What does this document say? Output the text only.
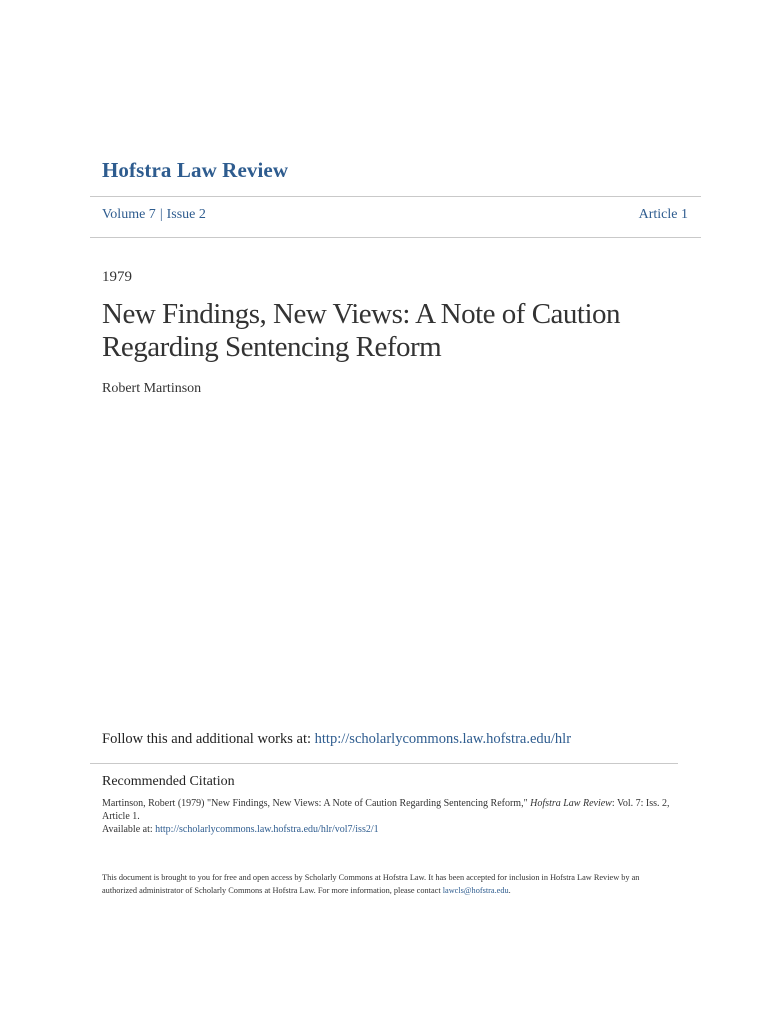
Hofstra Law Review
Volume 7 | Issue 2	Article 1
1979
New Findings, New Views: A Note of Caution Regarding Sentencing Reform
Robert Martinson
Follow this and additional works at: http://scholarlycommons.law.hofstra.edu/hlr
Recommended Citation
Martinson, Robert (1979) "New Findings, New Views: A Note of Caution Regarding Sentencing Reform," Hofstra Law Review: Vol. 7: Iss. 2, Article 1.
Available at: http://scholarlycommons.law.hofstra.edu/hlr/vol7/iss2/1
This document is brought to you for free and open access by Scholarly Commons at Hofstra Law. It has been accepted for inclusion in Hofstra Law Review by an authorized administrator of Scholarly Commons at Hofstra Law. For more information, please contact lawcls@hofstra.edu.
